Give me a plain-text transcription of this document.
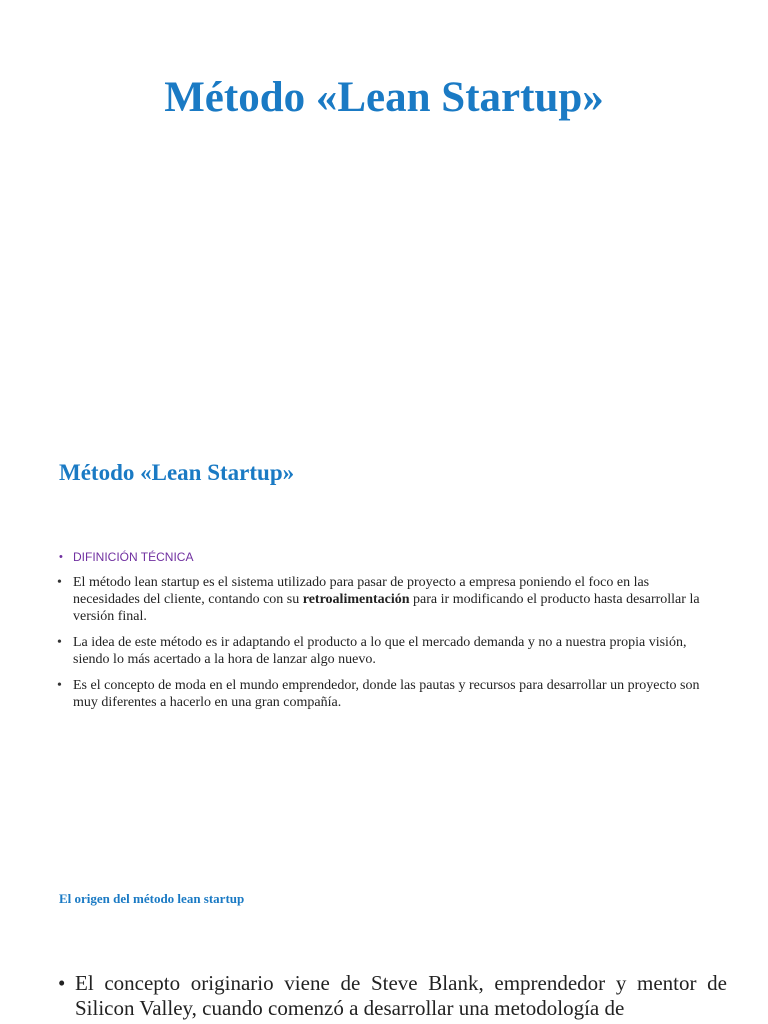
Método «Lean Startup»
Método «Lean Startup»
• DIFINICIÓN TÉCNICA
• El método lean startup es el sistema utilizado para pasar de proyecto a empresa poniendo el foco en las necesidades del cliente, contando con su retroalimentación para ir modificando el producto hasta desarrollar la versión final.
• La idea de este método es ir adaptando el producto a lo que el mercado demanda y no a nuestra propia visión, siendo lo más acertado a la hora de lanzar algo nuevo.
• Es el concepto de moda en el mundo emprendedor, donde las pautas y recursos para desarrollar un proyecto son muy diferentes a hacerlo en una gran compañía.
El origen del método lean startup

• El concepto originario viene de Steve Blank, emprendedor y mentor de Silicon Valley, cuando comenzó a desarrollar una metodología de
